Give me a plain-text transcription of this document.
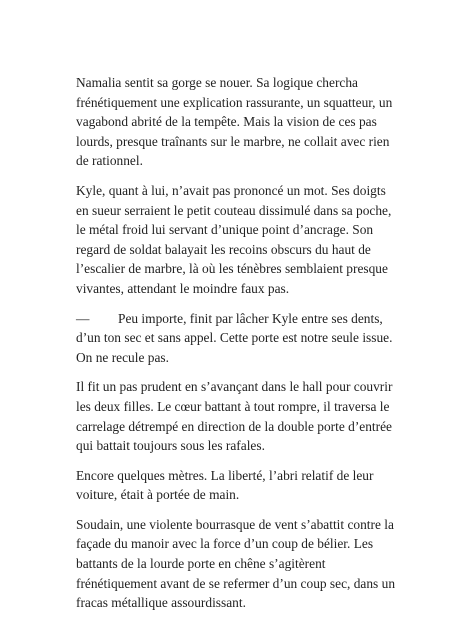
Namalia sentit sa gorge se nouer. Sa logique chercha
frénétiquement une explication rassurante, un squatteur, un
vagabond abrité de la tempête. Mais la vision de ces pas
lourds, presque traînants sur le marbre, ne collait avec rien
de rationnel.

Kyle, quant à lui, n’avait pas prononcé un mot. Ses doigts
en sueur serraient le petit couteau dissimulé dans sa poche,
le métal froid lui servant d’unique point d’ancrage. Son
regard de soldat balayait les recoins obscurs du haut de
l’escalier de marbre, là où les ténèbres semblaient presque
vivantes, attendant le moindre faux pas.

— Peu importe, finit par lâcher Kyle entre ses dents,
d’un ton sec et sans appel. Cette porte est notre seule issue.
On ne recule pas.

Il fit un pas prudent en s’avançant dans le hall pour couvrir
les deux filles. Le cœur battant à tout rompre, il traversa le
carrelage détrempé en direction de la double porte d’entrée
qui battait toujours sous les rafales.

Encore quelques mètres. La liberté, l’abri relatif de leur
voiture, était à portée de main.

Soudain, une violente bourrasque de vent s’abattit contre la
façade du manoir avec la force d’un coup de bélier. Les
battants de la lourde porte en chêne s’agitèrent
frénétiquement avant de se refermer d’un coup sec, dans un
fracas métallique assourdissant.
